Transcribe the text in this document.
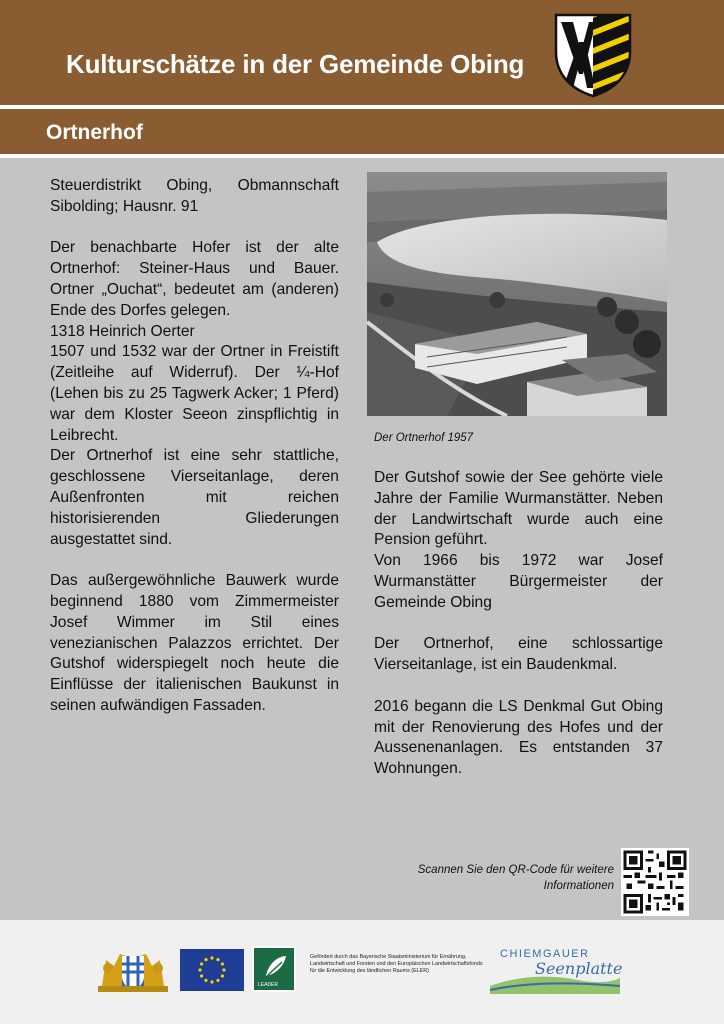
Kulturschätze in der Gemeinde Obing
Ortnerhof

Steuerdistrikt Obing, Obmannschaft Sibolding; Hausnr. 91

Der benachbarte Hofer ist der alte Ortnerhof: Steiner-Haus und Bauer. Ortner „Ouchat“, bedeutet am (anderen) Ende des Dorfes gelegen.

1318 Heinrich Oerter

1507 und 1532 war der Ortner in Freistift (Zeitleihe auf Widerruf). Der ¼-Hof (Lehen bis zu 25 Tagwerk Acker; 1 Pferd) war dem Kloster Seeon zinspflichtig in Leibrecht.

Der Ortnerhof ist eine sehr stattliche, geschlossene Vierseitanlage, deren Außenfronten mit reichen historisierenden Gliederungen ausgestattet sind.

Das außergewöhnliche Bauwerk wurde beginnend 1880 vom Zimmermeister Josef Wimmer im Stil eines venezianischen Palazzos errichtet. Der Gutshof widerspiegelt noch heute die Einflüsse der italienischen Baukunst in seinen aufwändigen Fassaden.

Der Ortnerhof 1957

Der Gutshof sowie der See gehörte viele Jahre der Familie Wurmanstätter. Neben der Landwirtschaft wurde auch eine Pension geführt.

Von 1966 bis 1972 war Josef Wurmanstätter Bürgermeister der Gemeinde Obing

Der Ortnerhof, eine schlossartige Vierseitanlage, ist ein Baudenkmal.

2016 begann die LS Denkmal Gut Obing mit der Renovierung des Hofes und der Aussenenanlagen. Es entstanden 37 Wohnungen.

Scannen Sie den QR-Code für weitere Informationen
LEADER
Gefördert durch das Bayerische Staatsministerium für Ernährung, Landwirtschaft und Forsten und den Europäischen Landwirtschaftsfonds für die Entwicklung des ländlichen Raums (ELER)
CHIEMGAUER
Seenplatte
